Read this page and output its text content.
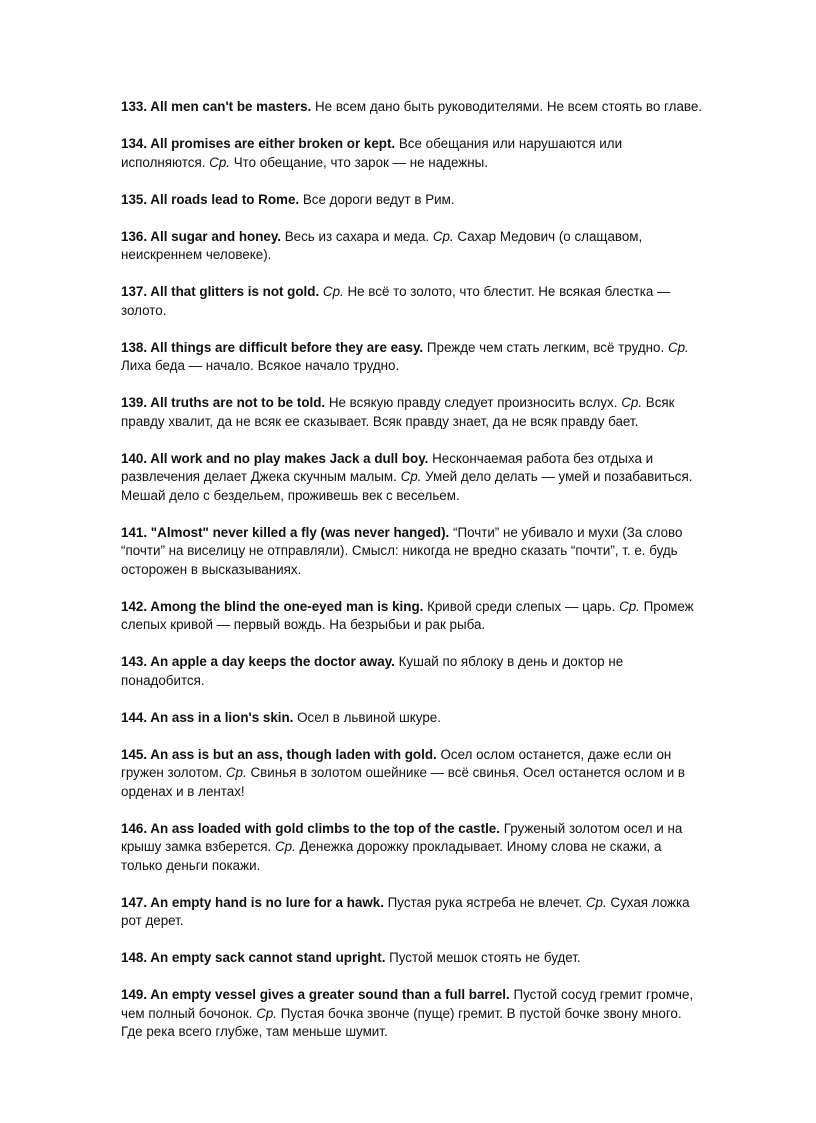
133. All men can't be masters. Не всем дано быть руководителями. Не всем стоять во главе.

134. All promises are either broken or kept. Все обещания или нарушаются или исполняются. Ср. Что обещание, что зарок — не надежны.

135. All roads lead to Rome. Все дороги ведут в Рим.

136. All sugar and honey. Весь из сахара и меда. Ср. Сахар Медович (о слащавом, неискреннем человеке).

137. All that glitters is not gold. Ср. Не всё то золото, что блестит. Не всякая блестка — золото.

138. All things are difficult before they are easy. Прежде чем стать легким, всё трудно. Ср. Лиха беда — начало. Всякое начало трудно.

139. All truths are not to be told. Не всякую правду следует произносить вслух. Ср. Всяк правду хвалит, да не всяк ее сказывает. Всяк правду знает, да не всяк правду бает.

140. All work and no play makes Jack a dull boy. Нескончаемая работа без отдыха и развлечения делает Джека скучным малым. Ср. Умей дело делать — умей и позабавиться. Мешай дело с бездельем, проживешь век с весельем.

141. "Almost" never killed a fly (was never hanged). “Почти” не убивало и мухи (За слово “почти” на виселицу не отправляли). Смысл: никогда не вредно сказать “почти”, т. е. будь осторожен в высказываниях.

142. Among the blind the one-eyed man is king. Кривой среди слепых — царь. Ср. Промеж слепых кривой — первый вождь. На безрыбьи и рак рыба.

143. An apple a day keeps the doctor away. Кушай по яблоку в день и доктор не понадобится.

144. An ass in a lion's skin. Осел в львиной шкуре.

145. An ass is but an ass, though laden with gold. Осел ослом останется, даже если он гружен золотом. Ср. Свинья в золотом ошейнике — всё свинья. Осел останется ослом и в орденах и в лентах!

146. An ass loaded with gold climbs to the top of the castle. Груженый золотом осел и на крышу замка взберется. Ср. Денежка дорожку прокладывает. Иному слова не скажи, а только деньги покажи.

147. An empty hand is no lure for a hawk. Пустая рука ястреба не влечет. Ср. Сухая ложка рот дерет.

148. An empty sack cannot stand upright. Пустой мешок стоять не будет.

149. An empty vessel gives a greater sound than a full barrel. Пустой сосуд гремит громче, чем полный бочонок. Ср. Пустая бочка звонче (пуще) гремит. В пустой бочке звону много. Где река всего глубже, там меньше шумит.
